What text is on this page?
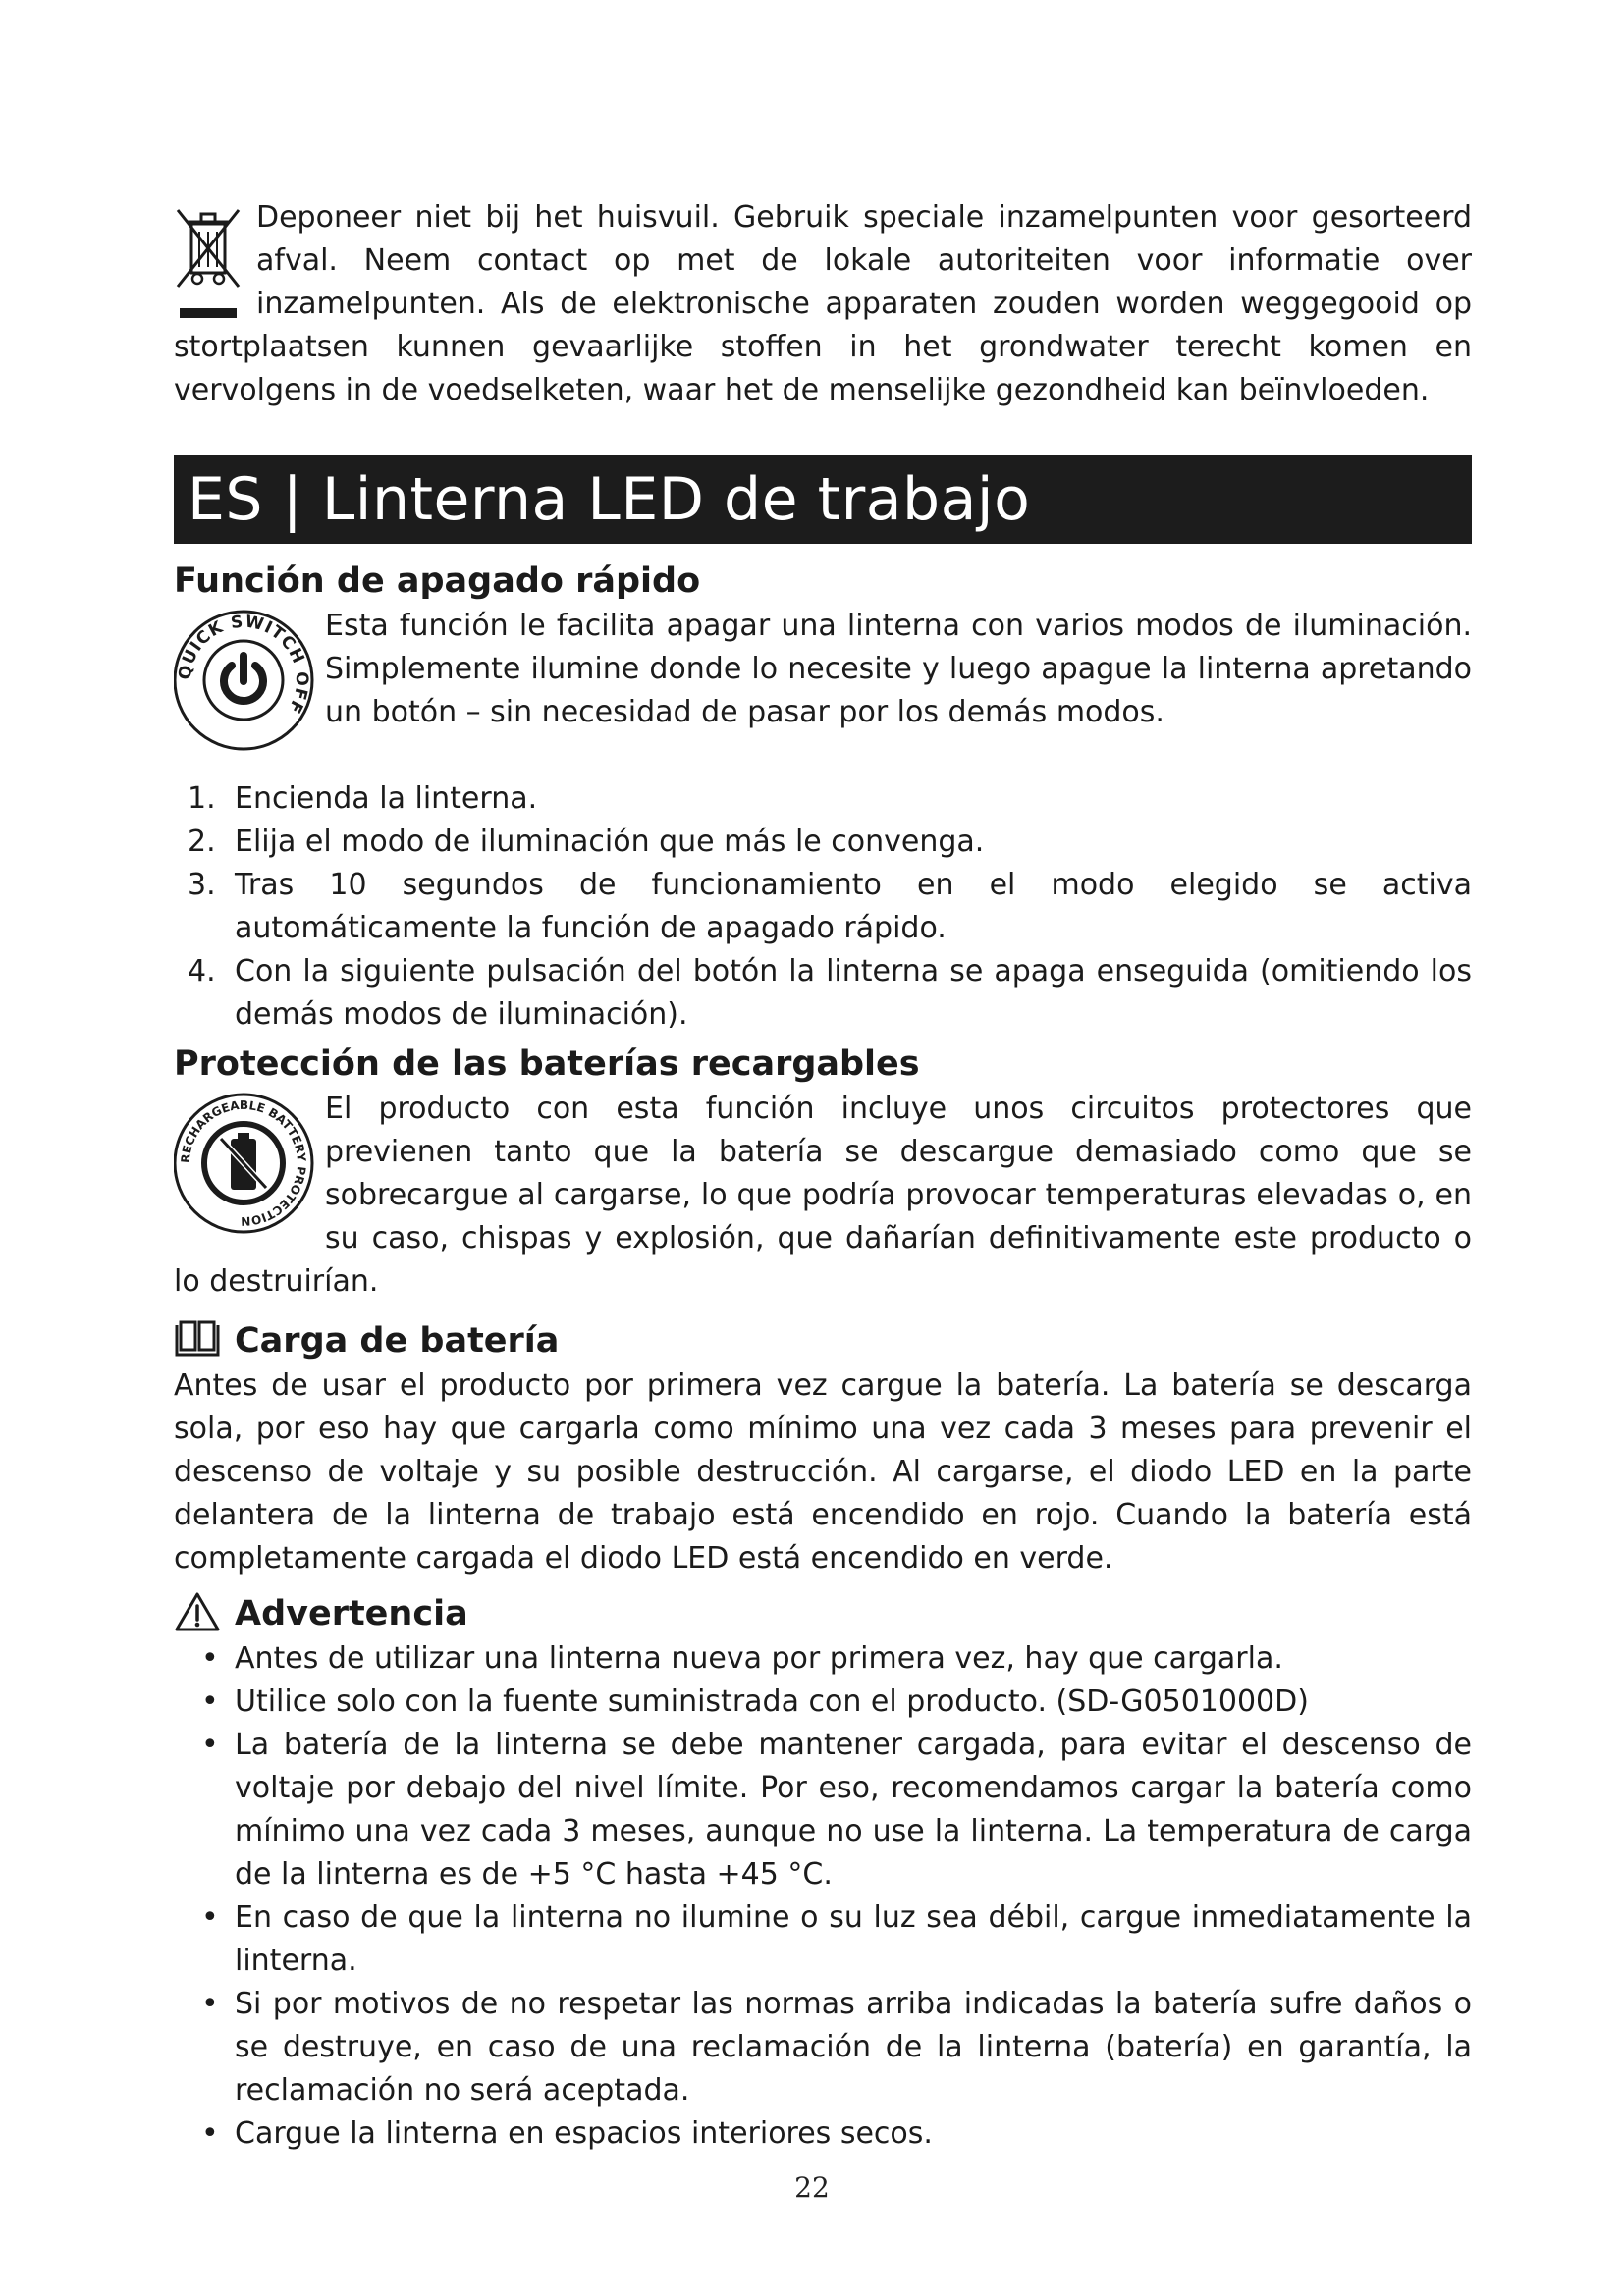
Deponeer niet bij het huisvuil. Gebruik speciale inzamelpunten voor gesorteerd afval. Neem contact op met de lokale autoriteiten voor informatie over inzamelpunten. Als de elektronische apparaten zouden worden weggegooid op stortplaatsen kunnen gevaarlijke stoffen in het grondwater terecht komen en vervolgens in de voedselketen, waar het de menselijke gezondheid kan beïnvloeden.

ES | Linterna LED de trabajo
Función de apagado rápido
QUICK SWITCH OFF

Esta función le facilita apagar una linterna con varios modos de iluminación. Simplemente ilumine donde lo necesite y luego apague la linterna apretando un botón – sin necesidad de pasar por los demás modos.

1. Encienda la linterna.
2. Elija el modo de iluminación que más le convenga.
3. Tras 10 segundos de funcionamiento en el modo elegido se activa automáticamente la función de apagado rápido.
4. Con la siguiente pulsación del botón la linterna se apaga enseguida (omitiendo los demás modos de iluminación).
Protección de las baterías recargables
RECHARGEABLE BATTERY PROTECTION

El producto con esta función incluye unos circuitos protectores que previenen tanto que la batería se descargue demasiado como que se sobrecargue al cargarse, lo que podría provocar temperaturas elevadas o, en su caso, chispas y explosión, que dañarían definitivamente este producto o lo destruirían.

Carga de batería

Antes de usar el producto por primera vez cargue la batería. La batería se descarga sola, por eso hay que cargarla como mínimo una vez cada 3 meses para prevenir el descenso de voltaje y su posible destrucción. Al cargarse, el diodo LED en la parte delantera de la linterna de trabajo está encendido en rojo. Cuando la batería está completamente cargada el diodo LED está encendido en verde.

Advertencia
• Antes de utilizar una linterna nueva por primera vez, hay que cargarla.
• Utilice solo con la fuente suministrada con el producto. (SD-G0501000D)
• La batería de la linterna se debe mantener cargada, para evitar el descenso de voltaje por debajo del nivel límite. Por eso, recomendamos cargar la batería como mínimo una vez cada 3 meses, aunque no use la linterna. La temperatura de carga de la linterna es de +5 °C hasta +45 °C.
• En caso de que la linterna no ilumine o su luz sea débil, cargue inmediatamente la linterna.
• Si por motivos de no respetar las normas arriba indicadas la batería sufre daños o se destruye, en caso de una reclamación de la linterna (batería) en garantía, la reclamación no será aceptada.
• Cargue la linterna en espacios interiores secos.
22
